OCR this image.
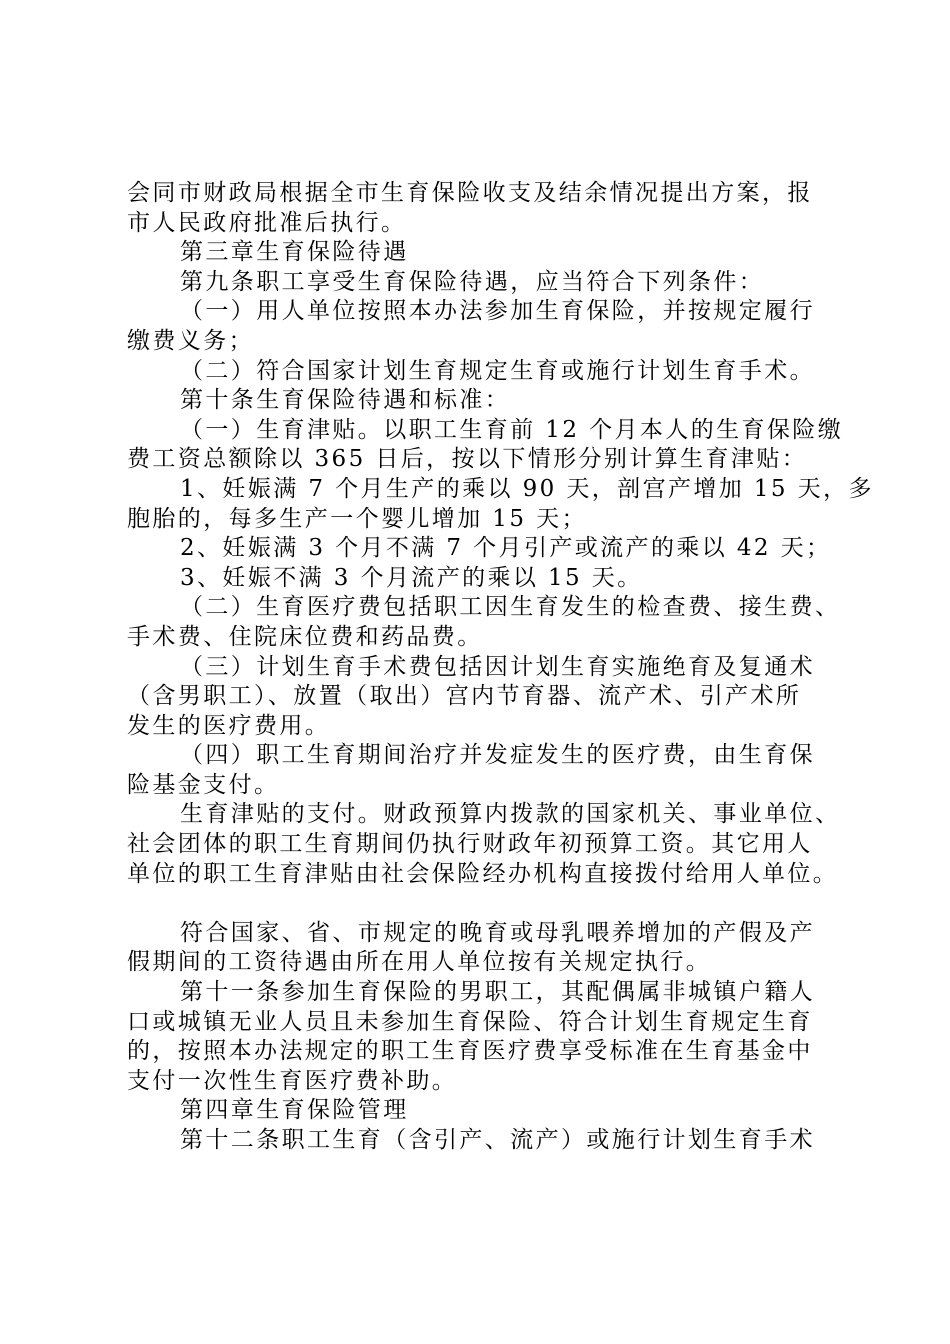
会同市财政局根据全市生育保险收支及结余情况提出方案，报
市人民政府批准后执行。
第三章生育保险待遇
第九条职工享受生育保险待遇，应当符合下列条件：
（一）用人单位按照本办法参加生育保险，并按规定履行
缴费义务；
（二）符合国家计划生育规定生育或施行计划生育手术。
第十条生育保险待遇和标准：
（一）生育津贴。以职工生育前 12 个月本人的生育保险缴
费工资总额除以 365 日后，按以下情形分别计算生育津贴：
1、妊娠满 7 个月生产的乘以 90 天，剖宫产增加 15 天，多
胞胎的，每多生产一个婴儿增加 15 天；
2、妊娠满 3 个月不满 7 个月引产或流产的乘以 42 天；
3、妊娠不满 3 个月流产的乘以 15 天。
（二）生育医疗费包括职工因生育发生的检查费、接生费、
手术费、住院床位费和药品费。
（三）计划生育手术费包括因计划生育实施绝育及复通术
（含男职工）、放置（取出）宫内节育器、流产术、引产术所
发生的医疗费用。
（四）职工生育期间治疗并发症发生的医疗费，由生育保
险基金支付。
生育津贴的支付。财政预算内拨款的国家机关、事业单位、
社会团体的职工生育期间仍执行财政年初预算工资。其它用人
单位的职工生育津贴由社会保险经办机构直接拨付给用人单位。
符合国家、省、市规定的晚育或母乳喂养增加的产假及产
假期间的工资待遇由所在用人单位按有关规定执行。
第十一条参加生育保险的男职工，其配偶属非城镇户籍人
口或城镇无业人员且未参加生育保险、符合计划生育规定生育
的，按照本办法规定的职工生育医疗费享受标准在生育基金中
支付一次性生育医疗费补助。
第四章生育保险管理
第十二条职工生育（含引产、流产）或施行计划生育手术
